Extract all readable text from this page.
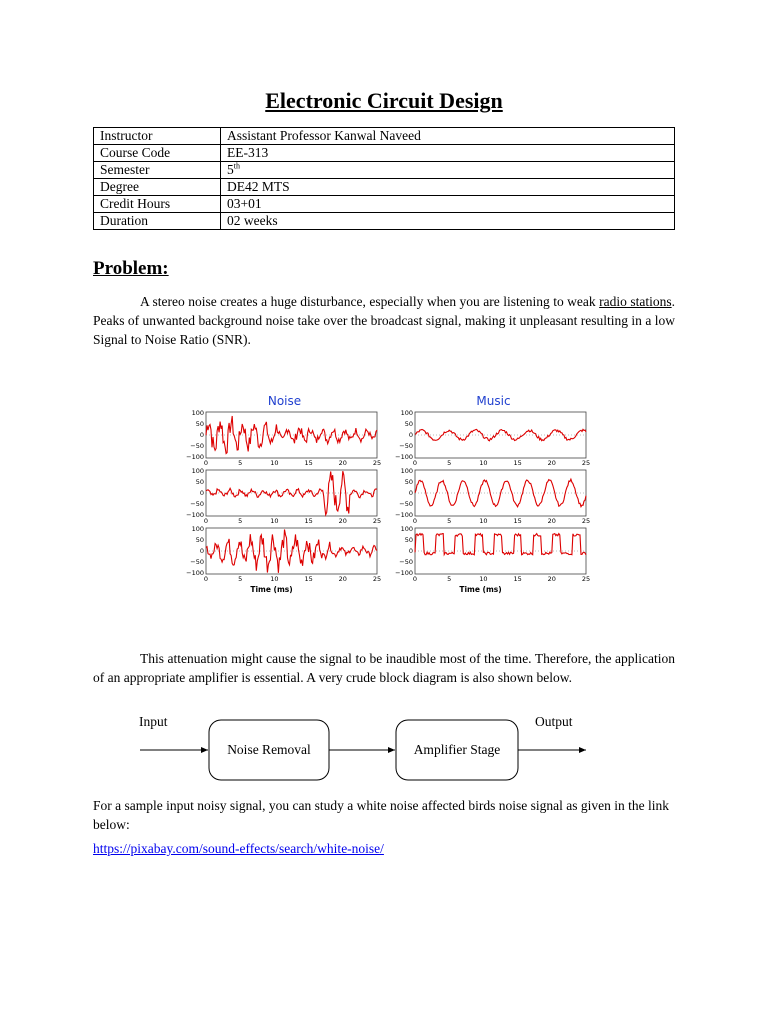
Electronic Circuit Design
Instructor	Assistant Professor Kanwal Naveed
Course Code	EE-313
Semester	5th
Degree	DE42 MTS
Credit Hours	03+01
Duration	02 weeks
Problem:

A stereo noise creates a huge disturbance, especially when you are listening to weak radio stations. Peaks of unwanted background noise take over the broadcast signal, making it unpleasant resulting in a low Signal to Noise Ratio (SNR).

Noise
100
50
0
−50
−100
0	5	10	15	20	25
100
50
0
−50
−100
0	5	10	15	20	25
100
50
0
−50
−100
0	5	10	15	20	25
Time (ms)
Music
100
50
0
−50
−100
0	5	10	15	20	25
100
50
0
−50
−100
0	5	10	15	20	25
100
50
0
−50
−100
0	5	10	15	20	25
Time (ms)

This attenuation might cause the signal to be inaudible most of the time. Therefore, the application of an appropriate amplifier is essential. A very crude block diagram is also shown below.

Input	Output
Noise Removal	Amplifier Stage

For a sample input noisy signal, you can study a white noise affected birds noise signal as given in the link below:

https://pixabay.com/sound-effects/search/white-noise/
